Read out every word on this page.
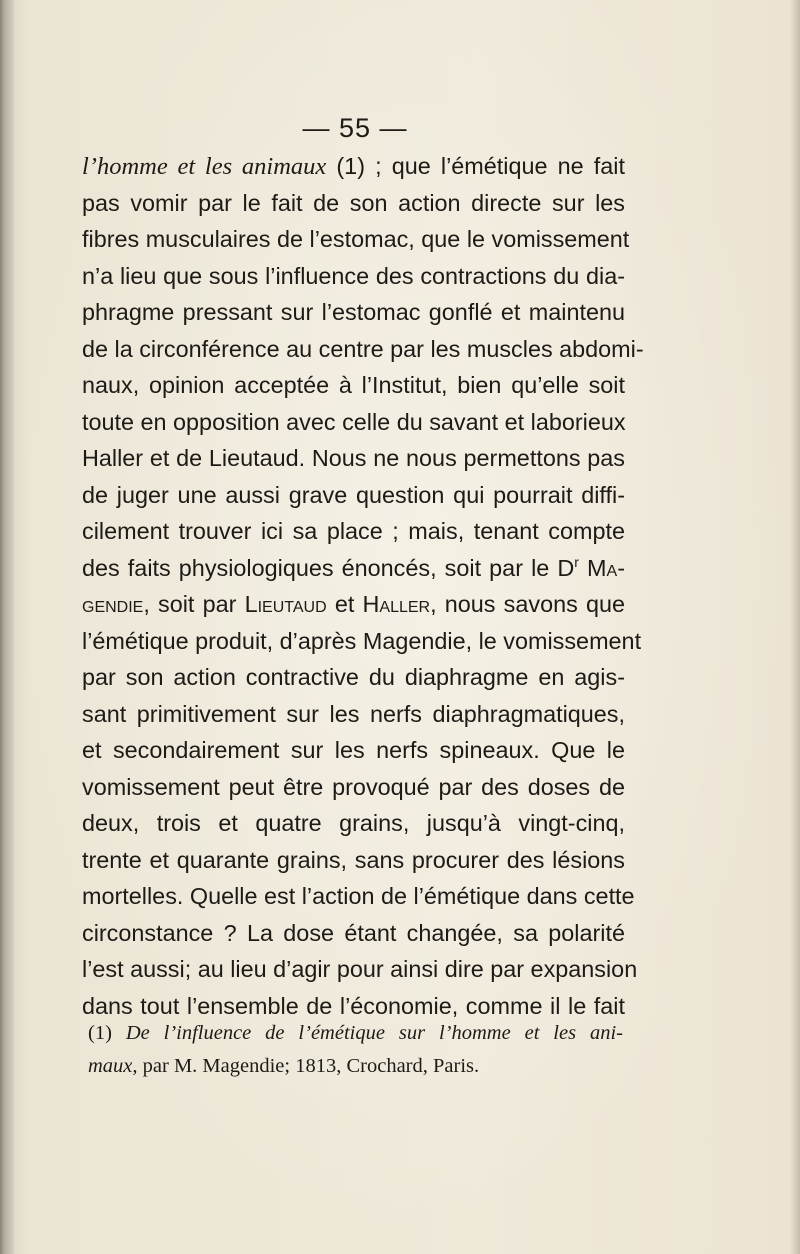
— 55 —
l’homme et les animaux (1) ; que l’émétique ne fait
pas vomir par le fait de son action directe sur les
fibres musculaires de l’estomac, que le vomissement
n’a lieu que sous l’influence des contractions du dia-
phragme pressant sur l’estomac gonflé et maintenu
de la circonférence au centre par les muscles abdomi-
naux, opinion acceptée à l’Institut, bien qu’elle soit
toute en opposition avec celle du savant et laborieux
Haller et de Lieutaud. Nous ne nous permettons pas
de juger une aussi grave question qui pourrait diffi-
cilement trouver ici sa place ; mais, tenant compte
des faits physiologiques énoncés, soit par le $D^r$ Ma-
gendie, soit par Lieutaud et Haller, nous savons que
l’émétique produit, d’après Magendie, le vomissement
par son action contractive du diaphragme en agis-
sant primitivement sur les nerfs diaphragmatiques,
et secondairement sur les nerfs spineaux. Que le
vomissement peut être provoqué par des doses de
deux, trois et quatre grains, jusqu’à vingt-cinq,
trente et quarante grains, sans procurer des lésions
mortelles. Quelle est l’action de l’émétique dans cette
circonstance ? La dose étant changée, sa polarité
l’est aussi; au lieu d’agir pour ainsi dire par expansion
dans tout l’ensemble de l’économie, comme il le fait
(1) De l’influence de l’émétique sur l’homme et les ani-
maux, par M. Magendie; 1813, Crochard, Paris.
